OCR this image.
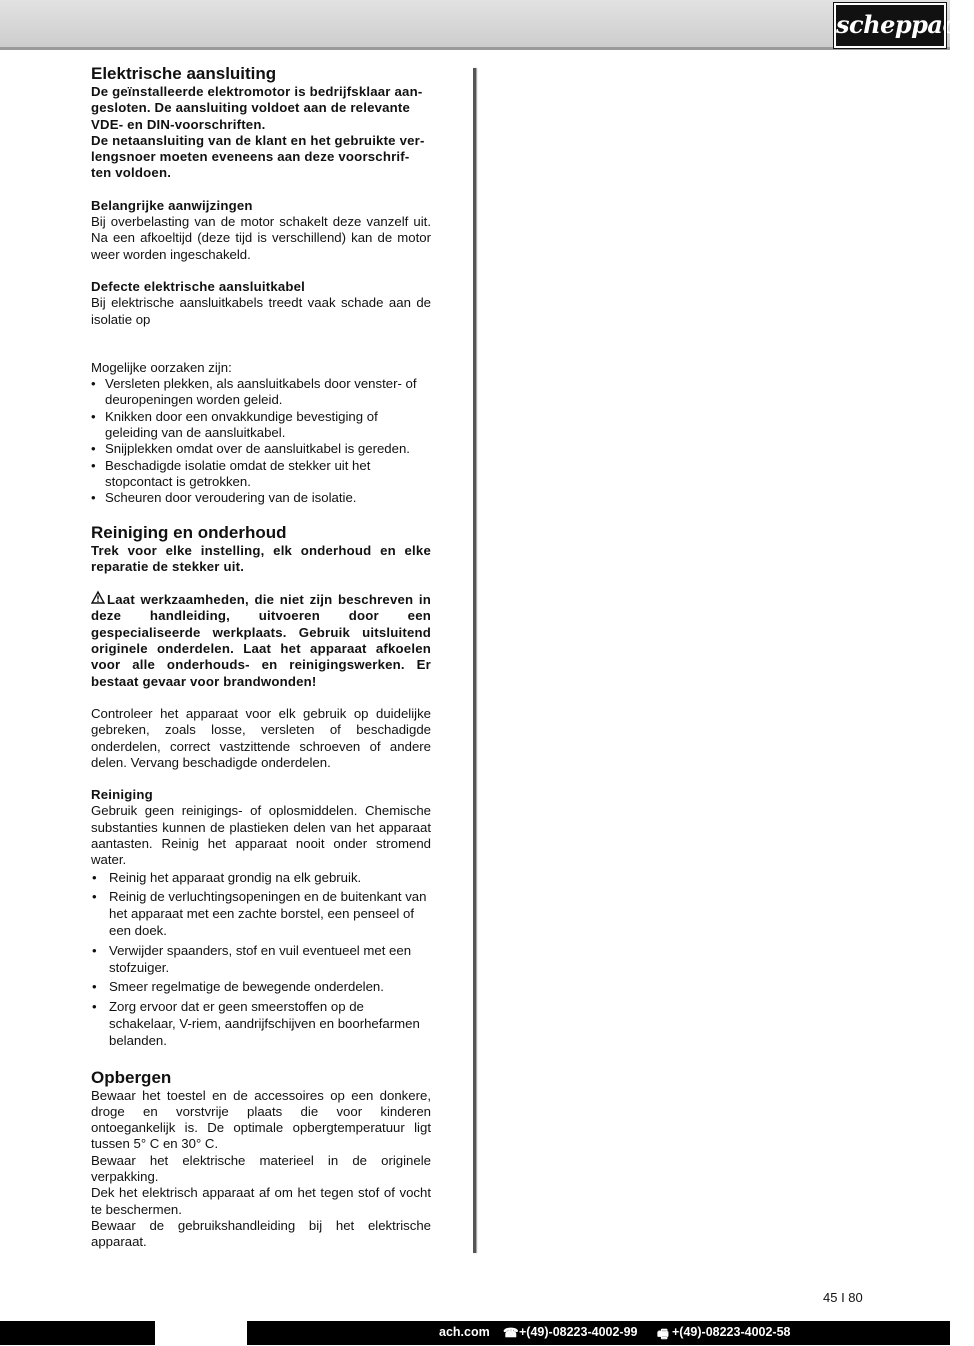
scheppach
Elektrische aansluiting
De geïnstalleerde elektromotor is bedrijfsklaar aan-
gesloten. De aansluiting voldoet aan de relevante
VDE- en DIN-voorschriften.
De netaansluiting van de klant en het gebruikte ver-
lengsnoer moeten eveneens aan deze voorschrif-
ten voldoen.
Belangrijke aanwijzingen

Bij overbelasting van de motor schakelt deze vanzelf uit. Na een afkoeltijd (deze tijd is verschillend) kan de motor weer worden ingeschakeld.

Defecte elektrische aansluitkabel

Bij elektrische aansluitkabels treedt vaak schade aan de isolatie op

Mogelijke oorzaken zijn:

• Versleten plekken, als aansluitkabels door venster- of deuropeningen worden geleid.
• Knikken door een onvakkundige bevestiging of geleiding van de aansluitkabel.
• Snijplekken omdat over de aansluitkabel is gereden.
• Beschadigde isolatie omdat de stekker uit het stopcontact is getrokken.
• Scheuren door veroudering van de isolatie.
Reiniging en onderhoud

Trek voor elke instelling, elk onderhoud en elke reparatie de stekker uit.

Laat werkzaamheden, die niet zijn beschreven in deze handleiding, uitvoeren door een gespecialiseerde werkplaats. Gebruik uitsluitend originele onderdelen. Laat het apparaat afkoelen voor alle onderhouds- en reinigingswerken. Er bestaat gevaar voor brandwonden!

Controleer het apparaat voor elk gebruik op duidelijke gebreken, zoals losse, versleten of beschadigde onderdelen, correct vastzittende schroeven of andere delen. Vervang beschadigde onderdelen.

Reiniging

Gebruik geen reinigings- of oplosmiddelen. Chemische substanties kunnen de plastieken delen van het apparaat aantasten. Reinig het apparaat nooit onder stromend water.

• Reinig het apparaat grondig na elk gebruik.
• Reinig de verluchtingsopeningen en de buitenkant van het apparaat met een zachte borstel, een penseel of een doek.
• Verwijder spaanders, stof en vuil eventueel met een stofzuiger.
• Smeer regelmatige de bewegende onderdelen.
• Zorg ervoor dat er geen smeerstoffen op de schakelaar, V-riem, aandrijfschijven en boorhefarmen belanden.
Opbergen

Bewaar het toestel en de accessoires op een donkere, droge en vorstvrije plaats die voor kinderen ontoegankelijk is. De optimale opbergtemperatuur ligt tussen 5° C en 30° C.

Bewaar het elektrische materieel in de originele verpakking.

Dek het elektrisch apparaat af om het tegen stof of vocht te beschermen.

Bewaar de gebruikshandleiding bij het elektrische apparaat.

45 I 80
ach.com ☎ +(49)-08223-4002-99 🖷 +(49)-08223-4002-58
